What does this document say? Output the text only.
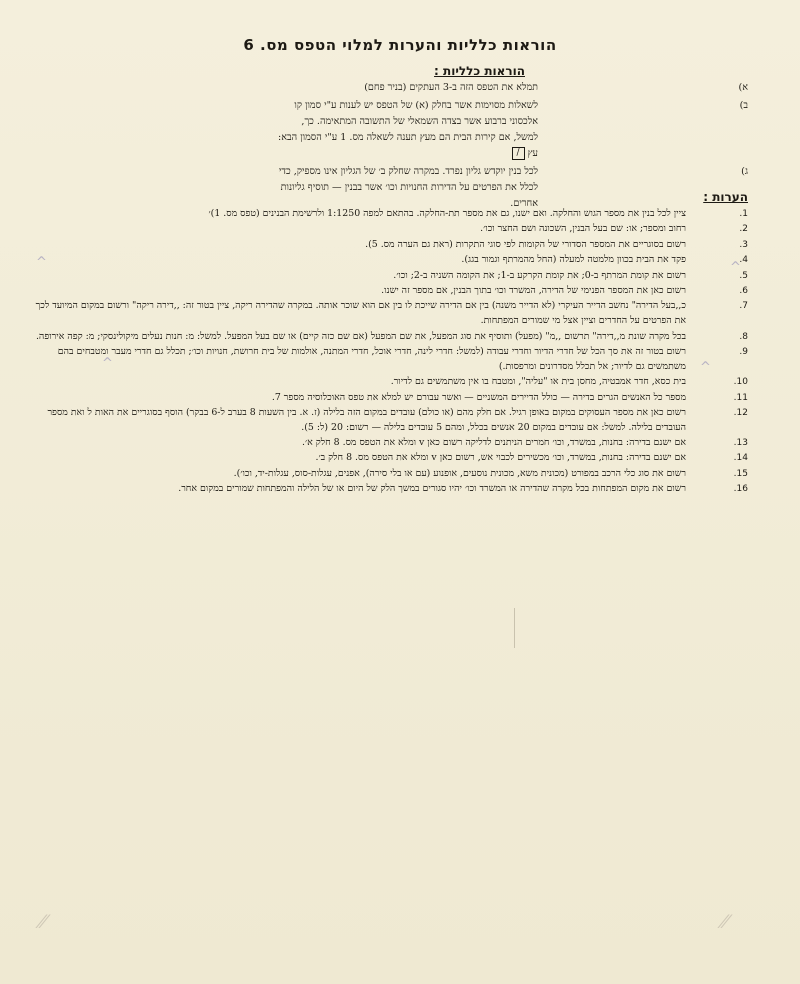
הוראות כלליות והערות למלוי הטפס מס. 6
הוראות כלליות :
א)
תמלא את הטפס הזה ב-3 העתקים (בניר פחם)
ב)
לשאלות מסוימות אשר בחלק (א) של הטפס יש לענות ע"י סמון קו אלכסוני ברבוע אשר בצדה השמאלי של התשובה המתאימה. כך, למשל, אם קירות הבית הם מעץ תענה לשאלה מס. 1 ע"י הסמון הבא: עץ /
ג)
לכל בנין יוקדש גליון נפרד. במקרה שחלק ב׳ של הגליון אינו מספיק, כדי לכלל את הפרטים על הדירות החנויות וכו׳ אשר בבנין — תוסיף גליונות אחרים.	הערות :
1.
ציין לכל בנין את מספר הגוש והחלקה. ואם ישנו, גם את מספר תת-החלקה. בהתאם למפה 1:1250 ולרשימת הבנינים (טפס מס. 1)׳
2.
רחוב ומספר; או: שם בעל הבנין, השכונה ושם החצר וכו׳.
3.
רשום בסוגריים את המספר הסדורי של הקומות לפי סוגי התקרות (ראת גם הערה מס. 5).
4.
פקד את הבית בכוון מלמטה למעלה (החל מהמרתף וגמור בגג).
5.
רשום את קומת המרתף ב-0; את קומת הקרקע ב-1; את הקומה השניה ב-2; וכו׳.
6.
רשום כאן את המספר הפנימי של הדירה, המשרד וכו׳ בתוך הבנין, אם מספר זה ישנו.
7.
כ,,בעל הדירה" נחשב הדייר העיקרי (לא הדייר משנה) בין אם הדירה שייכת לו בין אם הוא שוכר אותה. במקרה שהדירה ריקה, ציין בטור זה: ,,דירה ריקה" ורשום במקום המיועד לכך את הפרטים על החדרים וציין אצל מי שמורים המפתחות.
8.
בכל מקרה שונת מ,,דירה" תרשום ,,מ" (מפעל) ותוסיף את סוג המפעל, את שם המפעל (אם שם כזה קיים) או שם בעל המפעל. למשל: מ: חנות נעלים מיקולינסקי; מ: קפה אירופה.
9.
רשום בטור זה את סך הכל של חדרי הדיור וחדרי עבודה (למשל: חדרי לינה, חדרי אוכל, חדרי המתנה, אולמות של בית חרושת, חנויות וכו׳; תכלל גם חדרי מעבר ומטבחים בהם משתמשים גם לדיור; אל תכלל מסדרונים ומרפסות.)
10.
בית כסא, חדר אמבטיה, מחסן בית או "עליה", ומטבח בו אין משתמשים גם לדיור.
11.
מספר כל האנשים הגרים בדירה — כולל הדיירים המשניים — ואשר עבורם יש למלא את טפס האוכלוסיה מספר 7.
12.
רשום כאן את מספר העסוקים במקום באופן רגיל. אם חלק מהם (או כולם) עובדים במקום הזה בלילה (ז. א. בין השעות 8 בערב ל-6 בבקר) הוסף בסוגריים את האות ל ואת מספר העובדים בלילה. למשל: אם עובדים במקום 20 אנשים בכלל, ומהם 5 עובדים בלילה — רשום: 20 (ל: 5).
13.
אם ישנם בדירה: בחנות, במשרד, וכו׳ חמרים הניתנים לדליקה רשום כאן v ומלא את הטפס מס. 8 חלק א׳.
14.
אם ישנם בדירה: בחנות, במשרד, וכו׳ מכשירים לכבוי אש, רשום כאן v ומלא את הטפס מס. 8 חלק ב׳.
15.
רשום את סוג כלי הרכב במפורט (מכונית משא, מכונית נוסעים, אופנוע (עם או בלי סירה), אפנים, עגלות-סוס, עגלות-יד, וכו׳).
16.
רשום את מקום המפתחות בכל מקרה שהדירה או המשרד וכו׳ יהיו סגורים במשך הלק של היום או של הלילה והמפתחות שמורים במקום אחר.
^	^
^	^
⁄⁄	⁄⁄
